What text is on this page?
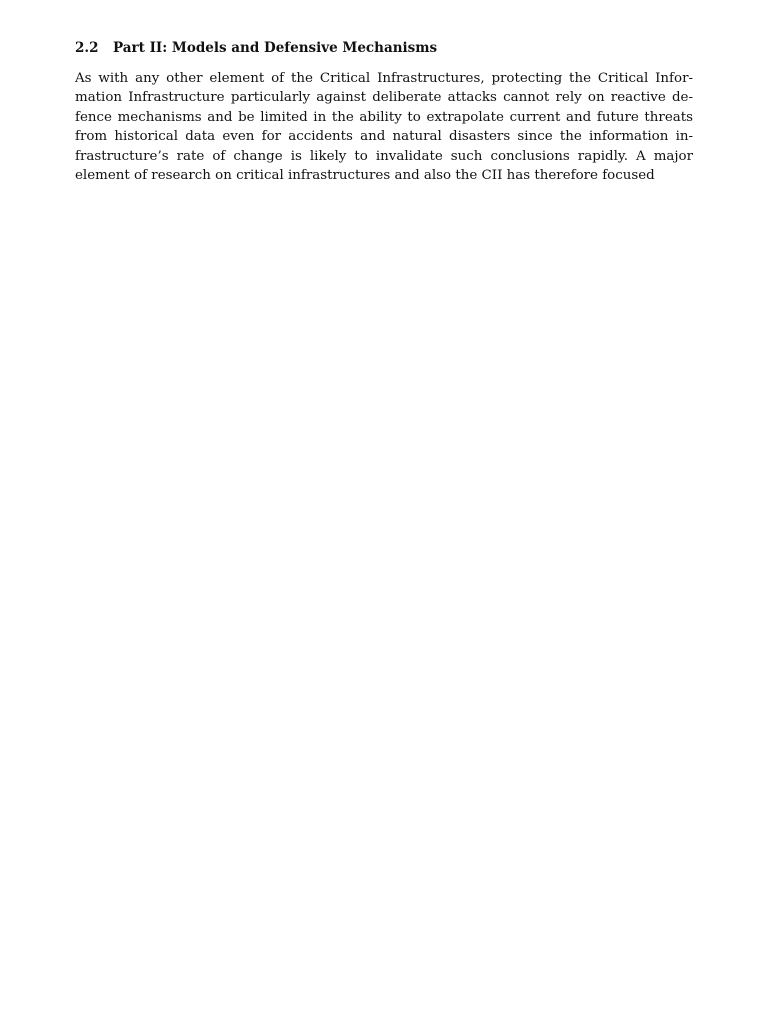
2.2	Part II: Models and Defensive Mechanisms
As with any other element of the Critical Infrastructures, protecting the Critical Infor-
mation Infrastructure particularly against deliberate attacks cannot rely on reactive de-
fence mechanisms and be limited in the ability to extrapolate current and future threats
from historical data even for accidents and natural disasters since the information in-
frastructure’s rate of change is likely to invalidate such conclusions rapidly. A major
element of research on critical infrastructures and also the CII has therefore focused
